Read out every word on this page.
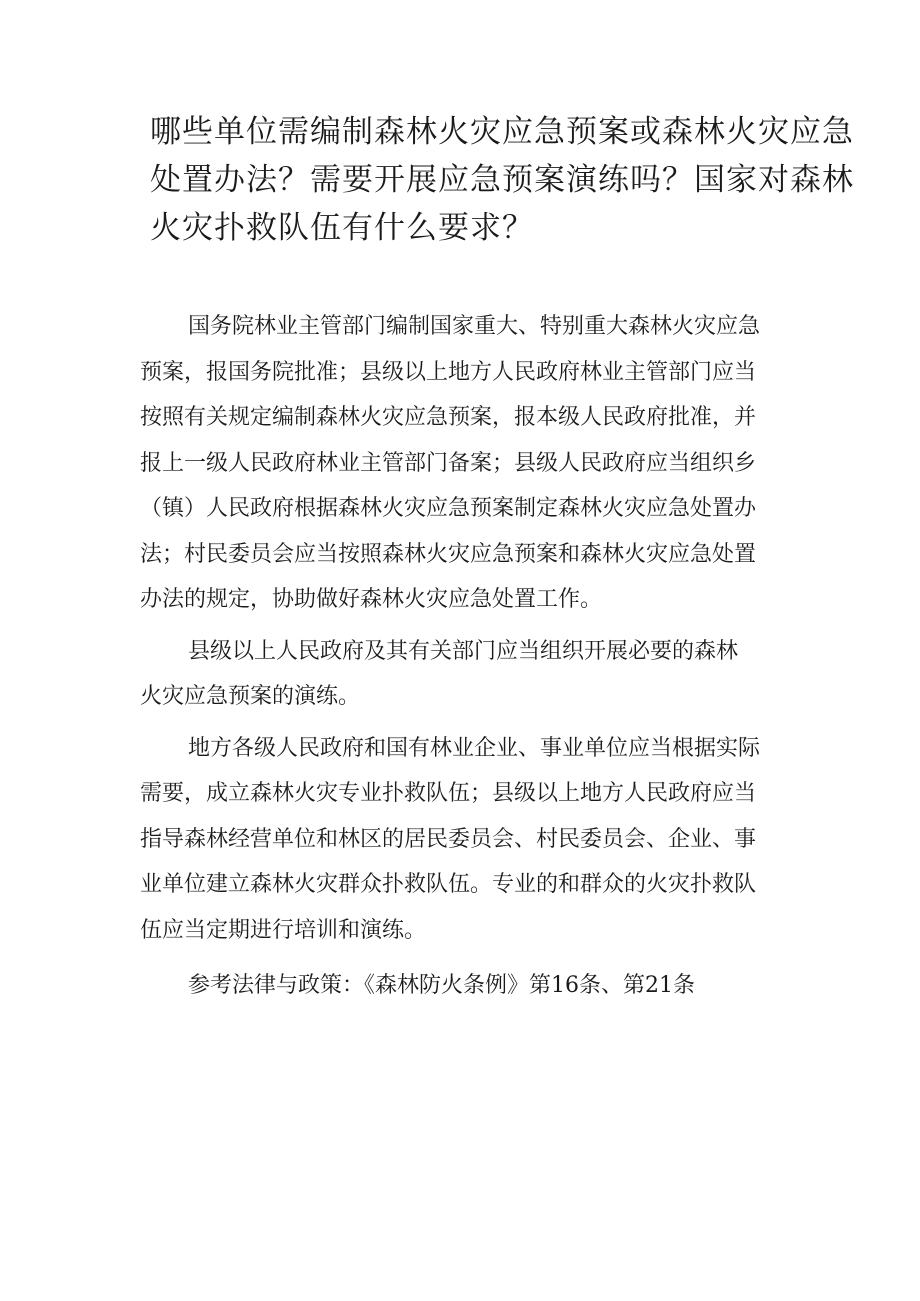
哪些单位需编制森林火灾应急预案或森林火灾应急
处置办法？需要开展应急预案演练吗？国家对森林
火灾扑救队伍有什么要求？

国务院林业主管部门编制国家重大、特别重大森林火灾应急
预案，报国务院批准；县级以上地方人民政府林业主管部门应当
按照有关规定编制森林火灾应急预案，报本级人民政府批准，并
报上一级人民政府林业主管部门备案；县级人民政府应当组织乡
（镇）人民政府根据森林火灾应急预案制定森林火灾应急处置办
法；村民委员会应当按照森林火灾应急预案和森林火灾应急处置
办法的规定，协助做好森林火灾应急处置工作。

县级以上人民政府及其有关部门应当组织开展必要的森林
火灾应急预案的演练。

地方各级人民政府和国有林业企业、事业单位应当根据实际
需要，成立森林火灾专业扑救队伍；县级以上地方人民政府应当
指导森林经营单位和林区的居民委员会、村民委员会、企业、事
业单位建立森林火灾群众扑救队伍。专业的和群众的火灾扑救队
伍应当定期进行培训和演练。

参考法律与政策：《森林防火条例》第16条、第21条
